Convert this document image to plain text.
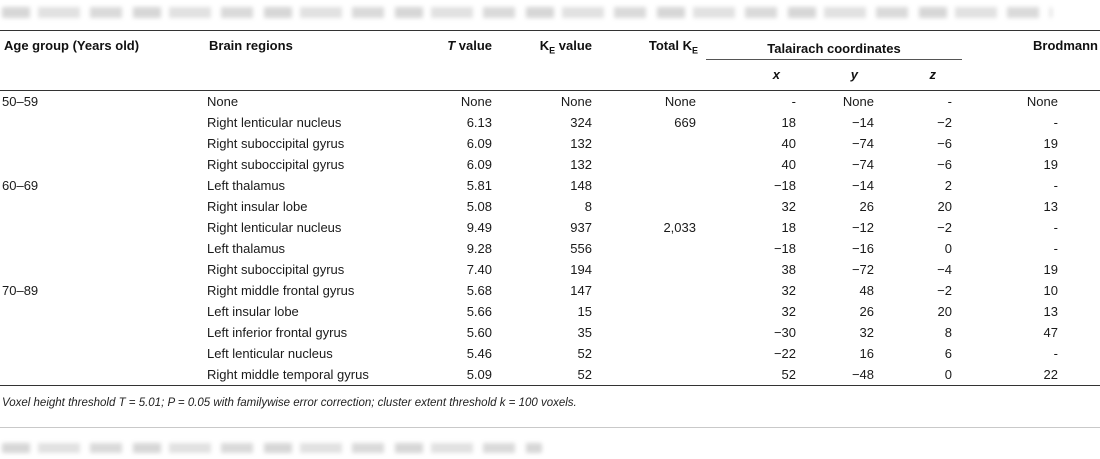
Age group (Years old)	Brain regions	T value	$K_E$ value	Total $K_E$	Talairach coordinates			Brodmann
					x	y	z	
50–59	None	None	None	None	-	None	-	None
	Right lenticular nucleus	6.13	324	669	18	−14	−2	-
	Right suboccipital gyrus	6.09	132		40	−74	−6	19
	Right suboccipital gyrus	6.09	132		40	−74	−6	19
60–69	Left thalamus	5.81	148		−18	−14	2	-
	Right insular lobe	5.08	8		32	26	20	13
	Right lenticular nucleus	9.49	937	2,033	18	−12	−2	-
	Left thalamus	9.28	556		−18	−16	0	-
	Right suboccipital gyrus	7.40	194		38	−72	−4	19
70–89	Right middle frontal gyrus	5.68	147		32	48	−2	10
	Left insular lobe	5.66	15		32	26	20	13
	Left inferior frontal gyrus	5.60	35		−30	32	8	47
	Left lenticular nucleus	5.46	52		−22	16	6	-
	Right middle temporal gyrus	5.09	52		52	−48	0	22
Voxel height threshold T = 5.01; P = 0.05 with familywise error correction; cluster extent threshold k = 100 voxels.
